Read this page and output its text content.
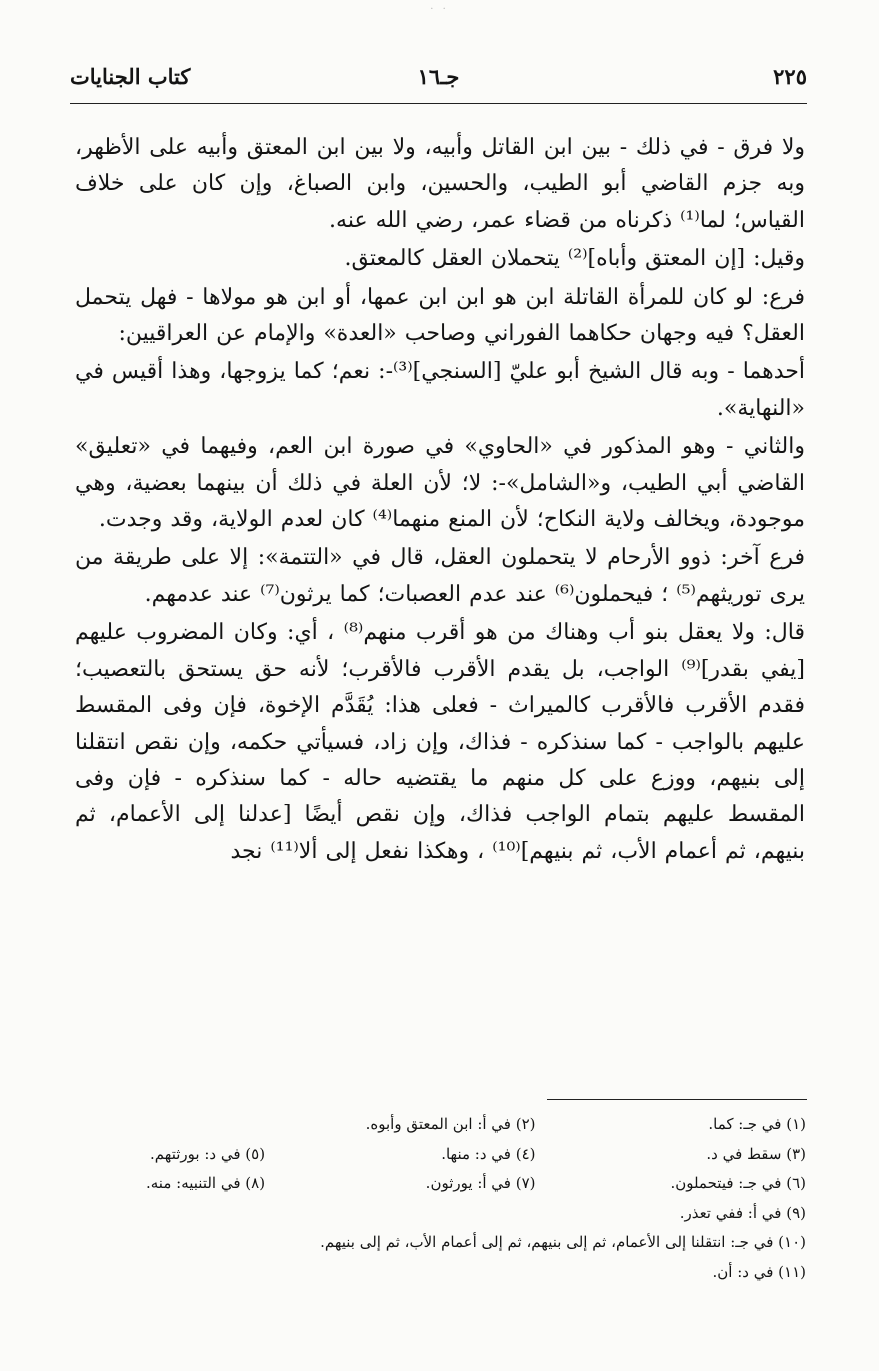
· ·
٢٢٥
جـ١٦
كتاب الجنايات

ولا فرق - في ذلك - بين ابن القاتل وأبيه، ولا بين ابن المعتق وأبيه على الأظهر، وبه جزم القاضي أبو الطيب، والحسين، وابن الصباغ، وإن كان على خلاف القياس؛ لما⁽¹⁾ ذكرناه من قضاء عمر، رضي الله عنه.

وقيل: [إن المعتق وأباه]⁽²⁾ يتحملان العقل كالمعتق.

فرع: لو كان للمرأة القاتلة ابن هو ابن ابن عمها، أو ابن هو مولاها - فهل يتحمل العقل؟ فيه وجهان حكاهما الفوراني وصاحب «العدة» والإمام عن العراقيين:

أحدهما - وبه قال الشيخ أبو عليّ [السنجي]⁽³⁾-: نعم؛ كما يزوجها، وهذا أقيس في «النهاية».

والثاني - وهو المذكور في «الحاوي» في صورة ابن العم، وفيهما في «تعليق» القاضي أبي الطيب، و«الشامل»-: لا؛ لأن العلة في ذلك أن بينهما بعضية، وهي موجودة، ويخالف ولاية النكاح؛ لأن المنع منهما⁽⁴⁾ كان لعدم الولاية، وقد وجدت.

فرع آخر: ذوو الأرحام لا يتحملون العقل، قال في «التتمة»: إلا على طريقة من يرى توريثهم⁽⁵⁾ ؛ فيحملون⁽⁶⁾ عند عدم العصبات؛ كما يرثون⁽⁷⁾ عند عدمهم.

قال: ولا يعقل بنو أب وهناك من هو أقرب منهم⁽⁸⁾ ، أي: وكان المضروب عليهم [يفي بقدر]⁽⁹⁾ الواجب، بل يقدم الأقرب فالأقرب؛ لأنه حق يستحق بالتعصيب؛ فقدم الأقرب فالأقرب كالميراث - فعلى هذا: يُقَدَّم الإخوة، فإن وفى المقسط عليهم بالواجب - كما سنذكره - فذاك، وإن زاد، فسيأتي حكمه، وإن نقص انتقلنا إلى بنيهم، ووزع على كل منهم ما يقتضيه حاله - كما سنذكره - فإن وفى المقسط عليهم بتمام الواجب فذاك، وإن نقص أيضًا [عدلنا إلى الأعمام، ثم بنيهم، ثم أعمام الأب، ثم بنيهم]⁽¹⁰⁾ ، وهكذا نفعل إلى ألا⁽¹¹⁾ نجد

(١) في جـ: كما.
(٢) في أ: ابن المعتق وأبوه.
(٣) سقط في د.
(٤) في د: منها.
(٥) في د: بورثتهم.
(٦) في جـ: فيتحملون.
(٧) في أ: يورثون.
(٨) في التنبيه: منه.
(٩) في أ: ففي تعذر.
(١٠) في جـ: انتقلنا إلى الأعمام، ثم إلى بنيهم، ثم إلى أعمام الأب، ثم إلى بنيهم.
(١١) في د: أن.
